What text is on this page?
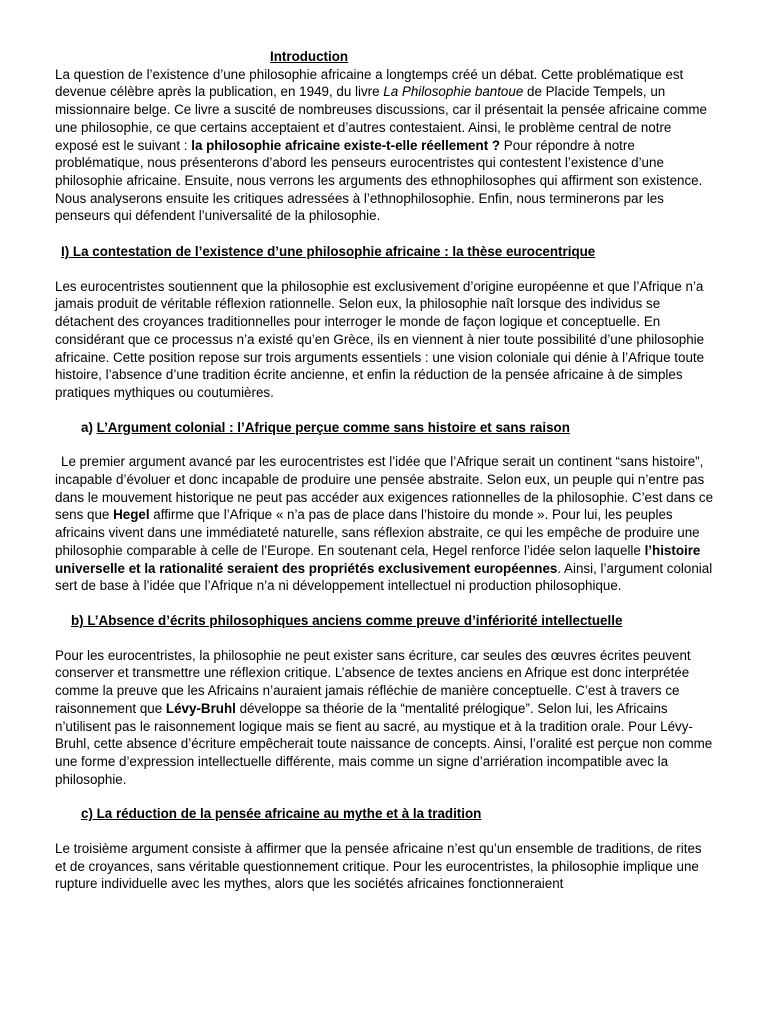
Introduction

La question de l’existence d’une philosophie africaine a longtemps créé un débat. Cette problématique est devenue célèbre après la publication, en 1949, du livre La Philosophie bantoue de Placide Tempels, un missionnaire belge. Ce livre a suscité de nombreuses discussions, car il présentait la pensée africaine comme une philosophie, ce que certains acceptaient et d’autres contestaient. Ainsi, le problème central de notre exposé est le suivant : la philosophie africaine existe-t-elle réellement ? Pour répondre à notre problématique, nous présenterons d’abord les penseurs eurocentristes qui contestent l’existence d’une philosophie africaine. Ensuite, nous verrons les arguments des ethnophilosophes qui affirment son existence. Nous analyserons ensuite les critiques adressées à l’ethnophilosophie. Enfin, nous terminerons par les penseurs qui défendent l’universalité de la philosophie.

I) La contestation de l’existence d’une philosophie africaine : la thèse eurocentrique

Les eurocentristes soutiennent que la philosophie est exclusivement d’origine européenne et que l’Afrique n’a jamais produit de véritable réflexion rationnelle. Selon eux, la philosophie naît lorsque des individus se détachent des croyances traditionnelles pour interroger le monde de façon logique et conceptuelle. En considérant que ce processus n’a existé qu’en Grèce, ils en viennent à nier toute possibilité d’une philosophie africaine. Cette position repose sur trois arguments essentiels : une vision coloniale qui dénie à l’Afrique toute histoire, l’absence d’une tradition écrite ancienne, et enfin la réduction de la pensée africaine à de simples pratiques mythiques ou coutumières.

a) L’Argument colonial : l’Afrique perçue comme sans histoire et sans raison

Le premier argument avancé par les eurocentristes est l’idée que l’Afrique serait un continent “sans histoire”, incapable d’évoluer et donc incapable de produire une pensée abstraite. Selon eux, un peuple qui n’entre pas dans le mouvement historique ne peut pas accéder aux exigences rationnelles de la philosophie. C’est dans ce sens que Hegel affirme que l’Afrique « n’a pas de place dans l’histoire du monde ». Pour lui, les peuples africains vivent dans une immédiateté naturelle, sans réflexion abstraite, ce qui les empêche de produire une philosophie comparable à celle de l’Europe. En soutenant cela, Hegel renforce l’idée selon laquelle l’histoire universelle et la rationalité seraient des propriétés exclusivement européennes. Ainsi, l’argument colonial sert de base à l’idée que l’Afrique n’a ni développement intellectuel ni production philosophique.

b) L’Absence d’écrits philosophiques anciens comme preuve d’infériorité intellectuelle

Pour les eurocentristes, la philosophie ne peut exister sans écriture, car seules des œuvres écrites peuvent conserver et transmettre une réflexion critique. L’absence de textes anciens en Afrique est donc interprétée comme la preuve que les Africains n’auraient jamais réfléchie de manière conceptuelle. C’est à travers ce raisonnement que Lévy-Bruhl développe sa théorie de la “mentalité prélogique”. Selon lui, les Africains n’utilisent pas le raisonnement logique mais se fient au sacré, au mystique et à la tradition orale. Pour Lévy-Bruhl, cette absence d’écriture empêcherait toute naissance de concepts. Ainsi, l’oralité est perçue non comme une forme d’expression intellectuelle différente, mais comme un signe d’arriération incompatible avec la philosophie.

c) La réduction de la pensée africaine au mythe et à la tradition

Le troisième argument consiste à affirmer que la pensée africaine n’est qu’un ensemble de traditions, de rites et de croyances, sans véritable questionnement critique. Pour les eurocentristes, la philosophie implique une rupture individuelle avec les mythes, alors que les sociétés africaines fonctionneraient
